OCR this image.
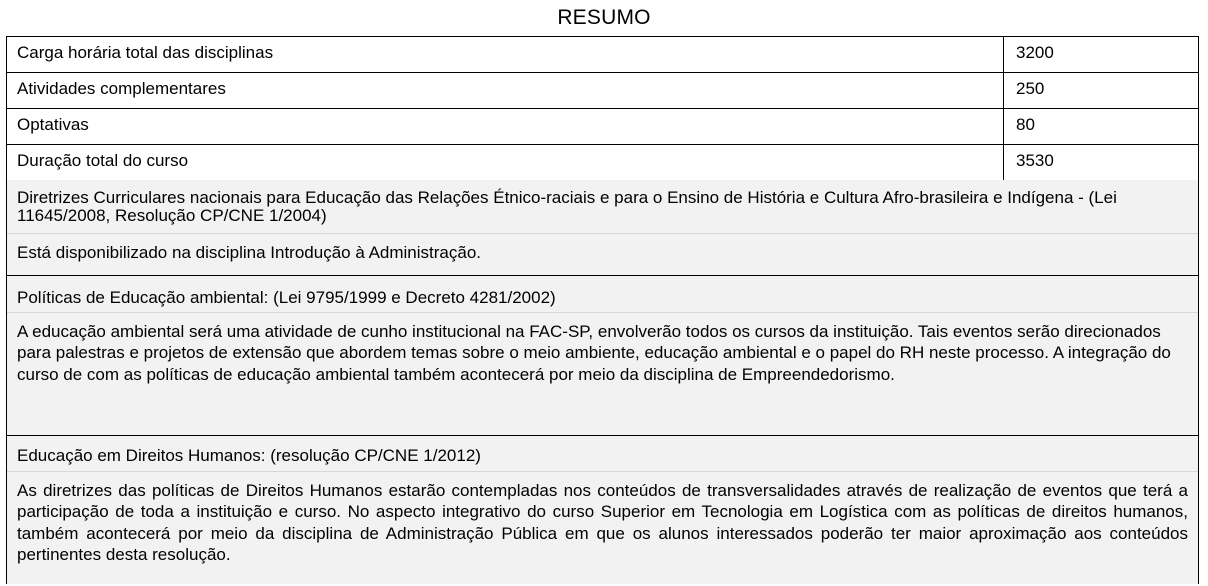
RESUMO
Carga horária total das disciplinas	3200
Atividades complementares	250
Optativas	80
Duração total do curso	3530
Diretrizes Curriculares nacionais para Educação das Relações Étnico-raciais e para o Ensino de História e Cultura Afro-brasileira e Indígena - (Lei 11645/2008, Resolução CP/CNE 1/2004)
Está disponibilizado na disciplina Introdução à Administração.
Políticas de Educação ambiental: (Lei 9795/1999 e Decreto 4281/2002)
A educação ambiental será uma atividade de cunho institucional na FAC-SP, envolverão todos os cursos da instituição. Tais eventos serão direcionados para palestras e projetos de extensão que abordem temas sobre o meio ambiente, educação ambiental e o papel do RH neste processo. A integração do curso de com as políticas de educação ambiental também acontecerá por meio da disciplina de Empreendedorismo.
Educação em Direitos Humanos: (resolução CP/CNE 1/2012)
As diretrizes das políticas de Direitos Humanos estarão contempladas nos conteúdos de transversalidades através de realização de eventos que terá a participação de toda a instituição e curso. No aspecto integrativo do curso Superior em Tecnologia em Logística com as políticas de direitos humanos, também acontecerá por meio da disciplina de Administração Pública em que os alunos interessados poderão ter maior aproximação aos conteúdos pertinentes desta resolução.
